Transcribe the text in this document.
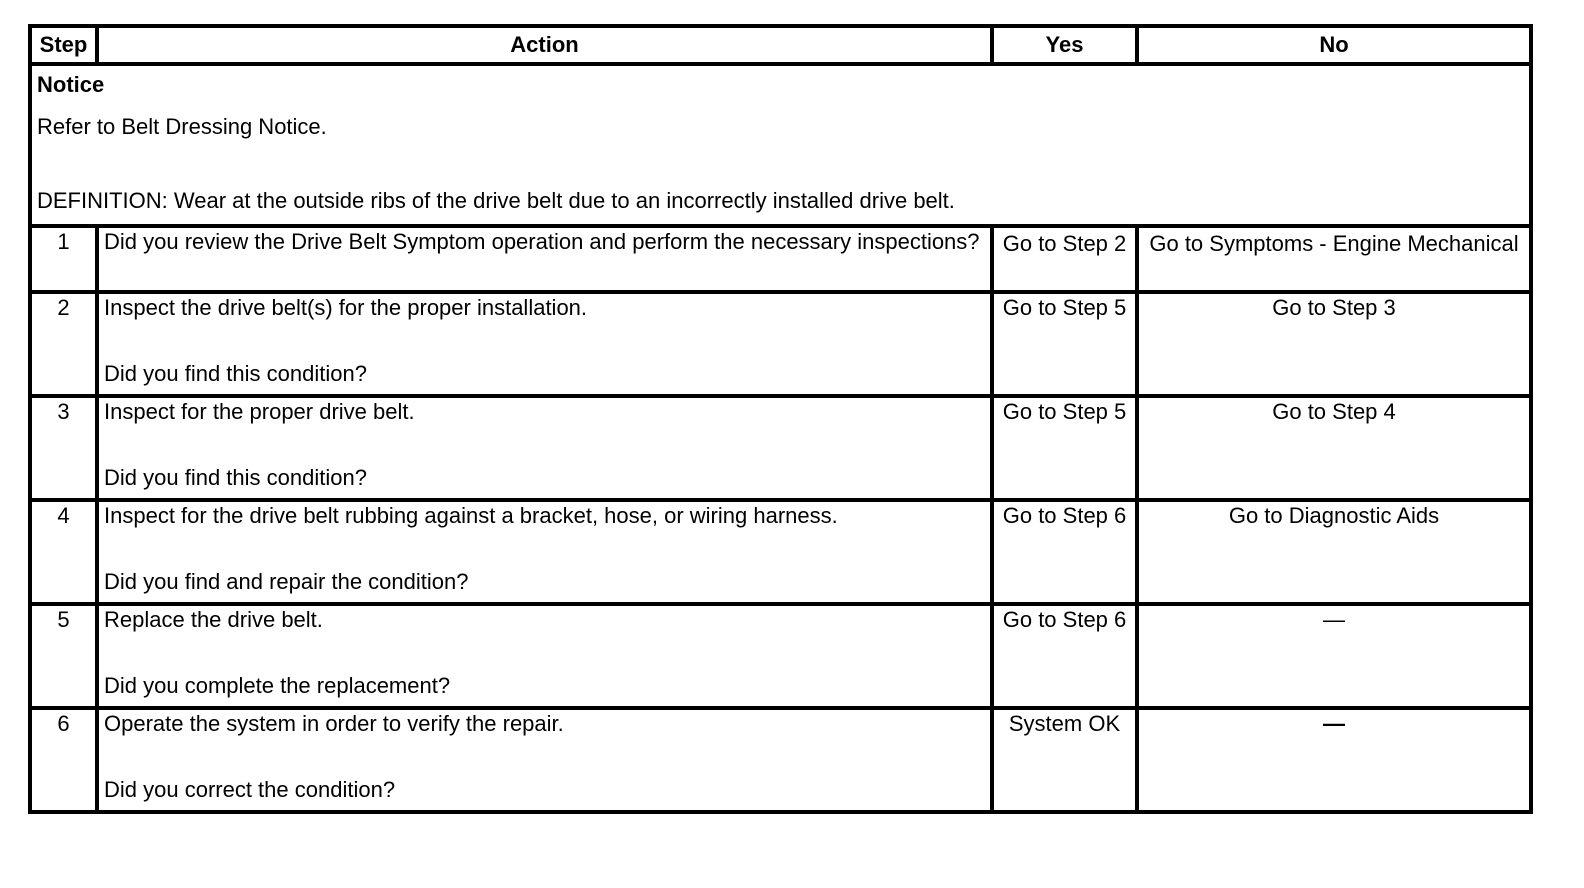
Step	Action	Yes	No

Notice
Refer to Belt Dressing Notice.
DEFINITION: Wear at the outside ribs of the drive belt due to an incorrectly installed drive belt.			

1	Did you review the Drive Belt Symptom operation and perform the necessary inspections?	Go to Step 2	Go to Symptoms - Engine Mechanical
2	Inspect the drive belt(s) for the proper installation.
Did you find this condition?	Go to Step 5	Go to Step 3
3	Inspect for the proper drive belt.
Did you find this condition?	Go to Step 5	Go to Step 4
4	Inspect for the drive belt rubbing against a bracket, hose, or wiring harness.
Did you find and repair the condition?	Go to Step 6	Go to Diagnostic Aids
5	Replace the drive belt.
Did you complete the replacement?	Go to Step 6	—
6	Operate the system in order to verify the repair.
Did you correct the condition?	System OK	—
